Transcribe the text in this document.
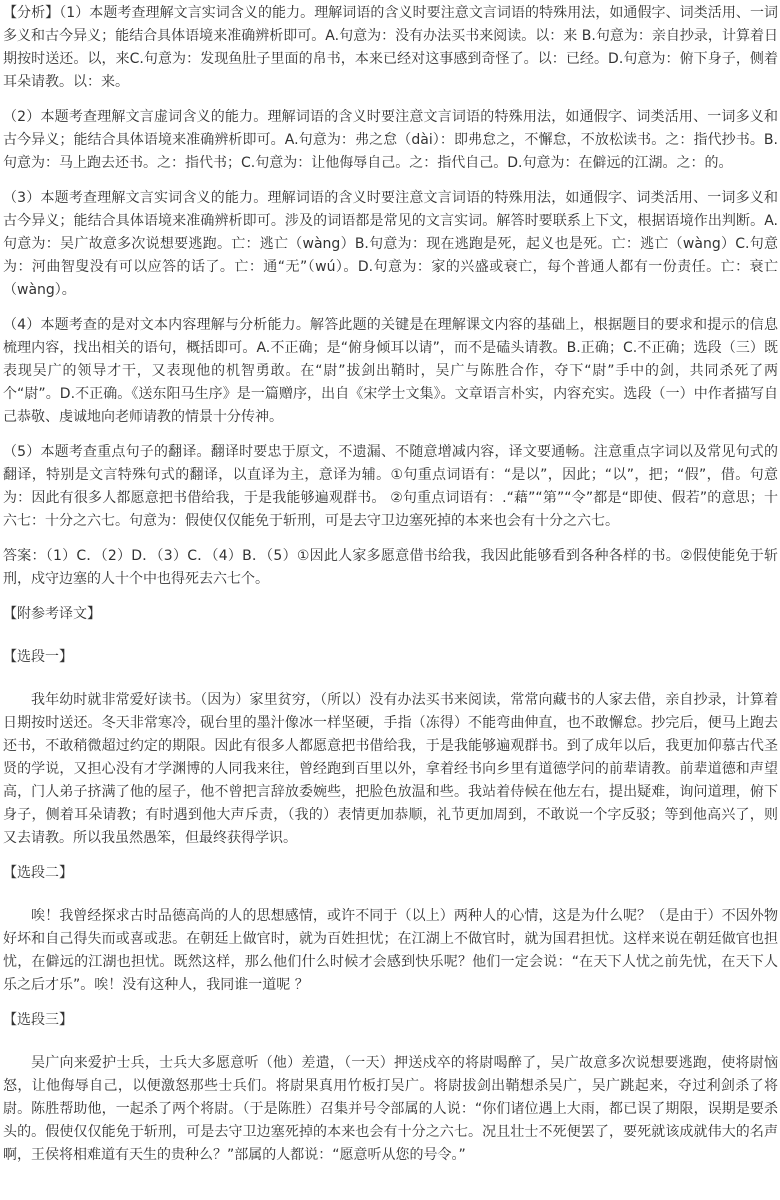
【分析】（1）本题考查理解文言实词含义的能力。理解词语的含义时要注意文言词语的特殊用法，如通假字、词类活用、一词多义和古今异义；能结合具体语境来准确辨析即可。A.句意为：没有办法买书来阅读。以：来 B.句意为：亲自抄录，计算着日期按时送还。以，来C.句意为：发现鱼肚子里面的帛书，本来已经对这事感到奇怪了。以：已经。D.句意为：俯下身子，侧着耳朵请教。以：来。

（2）本题考查理解文言虚词含义的能力。理解词语的含义时要注意文言词语的特殊用法，如通假字、词类活用、一词多义和古今异义；能结合具体语境来准确辨析即可。A.句意为：弗之怠（dài）：即弗怠之，不懈怠，不放松读书。之：指代抄书。B.句意为：马上跑去还书。之：指代书；C.句意为：让他侮辱自己。之：指代自己。D.句意为：在僻远的江湖。之：的。

（3）本题考查理解文言实词含义的能力。理解词语的含义时要注意文言词语的特殊用法，如通假字、词类活用、一词多义和古今异义；能结合具体语境来准确辨析即可。涉及的词语都是常见的文言实词。解答时要联系上下文，根据语境作出判断。A.句意为：吴广故意多次说想要逃跑。亡：逃亡（wàng）B.句意为：现在逃跑是死，起义也是死。亡：逃亡（wàng）C.句意为：河曲智叟没有可以应答的话了。亡：通“无”（wú）。D.句意为：家的兴盛或衰亡，每个普通人都有一份责任。亡：衰亡（wàng）。

（4）本题考查的是对文本内容理解与分析能力。解答此题的关键是在理解课文内容的基础上，根据题目的要求和提示的信息梳理内容，找出相关的语句，概括即可。A.不正确；是“俯身倾耳以请”，而不是磕头请教。B.正确；C.不正确；选段（三）既表现吴广的领导才干，又表现他的机智勇敢。在“尉”拔剑出鞘时，吴广与陈胜合作，夺下“尉”手中的剑，共同杀死了两个“尉”。D.不正确。《送东阳马生序》是一篇赠序，出自《宋学士文集》。文章语言朴实，内容充实。选段（一）中作者描写自己恭敬、虔诚地向老师请教的情景十分传神。

（5）本题考查重点句子的翻译。翻译时要忠于原文，不遗漏、不随意增减内容，译文要通畅。注意重点字词以及常见句式的翻译，特别是文言特殊句式的翻译，以直译为主，意译为辅。①句重点词语有：“是以”，因此；“以”，把；“假”，借。句意为：因此有很多人都愿意把书借给我，于是我能够遍观群书。 ②句重点词语有：.“藉”“第”“令”都是“即使、假若”的意思；十六七：十分之六七。句意为：假使仅仅能免于斩刑，可是去守卫边塞死掉的本来也会有十分之六七。

答案：（1）C．（2）D．（3）C．（4）B．（5）①因此人家多愿意借书给我，我因此能够看到各种各样的书。②假使能免于斩刑，戍守边塞的人十个中也得死去六七个。

【附参考译文】

【选段一】

我年幼时就非常爱好读书。（因为）家里贫穷，（所以）没有办法买书来阅读，常常向藏书的人家去借，亲自抄录，计算着日期按时送还。冬天非常寒冷，砚台里的墨汁像冰一样坚硬，手指（冻得）不能弯曲伸直，也不敢懈怠。抄完后，便马上跑去还书，不敢稍微超过约定的期限。因此有很多人都愿意把书借给我，于是我能够遍观群书。到了成年以后，我更加仰慕古代圣贤的学说，又担心没有才学渊博的人同我来往，曾经跑到百里以外，拿着经书向乡里有道德学问的前辈请教。前辈道德和声望高，门人弟子挤满了他的屋子，他不曾把言辞放委婉些，把脸色放温和些。我站着侍候在他左右，提出疑难，询问道理，俯下身子，侧着耳朵请教；有时遇到他大声斥责，（我的）表情更加恭顺，礼节更加周到，不敢说一个字反驳；等到他高兴了，则又去请教。所以我虽然愚笨，但最终获得学识。

【选段二】

唉！我曾经探求古时品德高尚的人的思想感情，或许不同于（以上）两种人的心情，这是为什么呢？（是由于）不因外物好坏和自己得失而或喜或悲。在朝廷上做官时，就为百姓担忧；在江湖上不做官时，就为国君担忧。这样来说在朝廷做官也担忧，在僻远的江湖也担忧。既然这样，那么他们什么时候才会感到快乐呢？他们一定会说：“在天下人忧之前先忧，在天下人乐之后才乐”。唉！没有这种人，我同谁一道呢 ？

【选段三】

吴广向来爱护士兵，士兵大多愿意听（他）差遣，（一天）押送戍卒的将尉喝醉了，吴广故意多次说想要逃跑，使将尉恼怒，让他侮辱自己，以便激怒那些士兵们。将尉果真用竹板打吴广。将尉拔剑出鞘想杀吴广，吴广跳起来，夺过利剑杀了将尉。陈胜帮助他，一起杀了两个将尉。（于是陈胜）召集并号令部属的人说：“你们诸位遇上大雨，都已误了期限，误期是要杀头的。假使仅仅能免于斩刑，可是去守卫边塞死掉的本来也会有十分之六七。况且壮士不死便罢了，要死就该成就伟大的名声啊，王侯将相难道有天生的贵种么？”部属的人都说：“愿意听从您的号令。”
